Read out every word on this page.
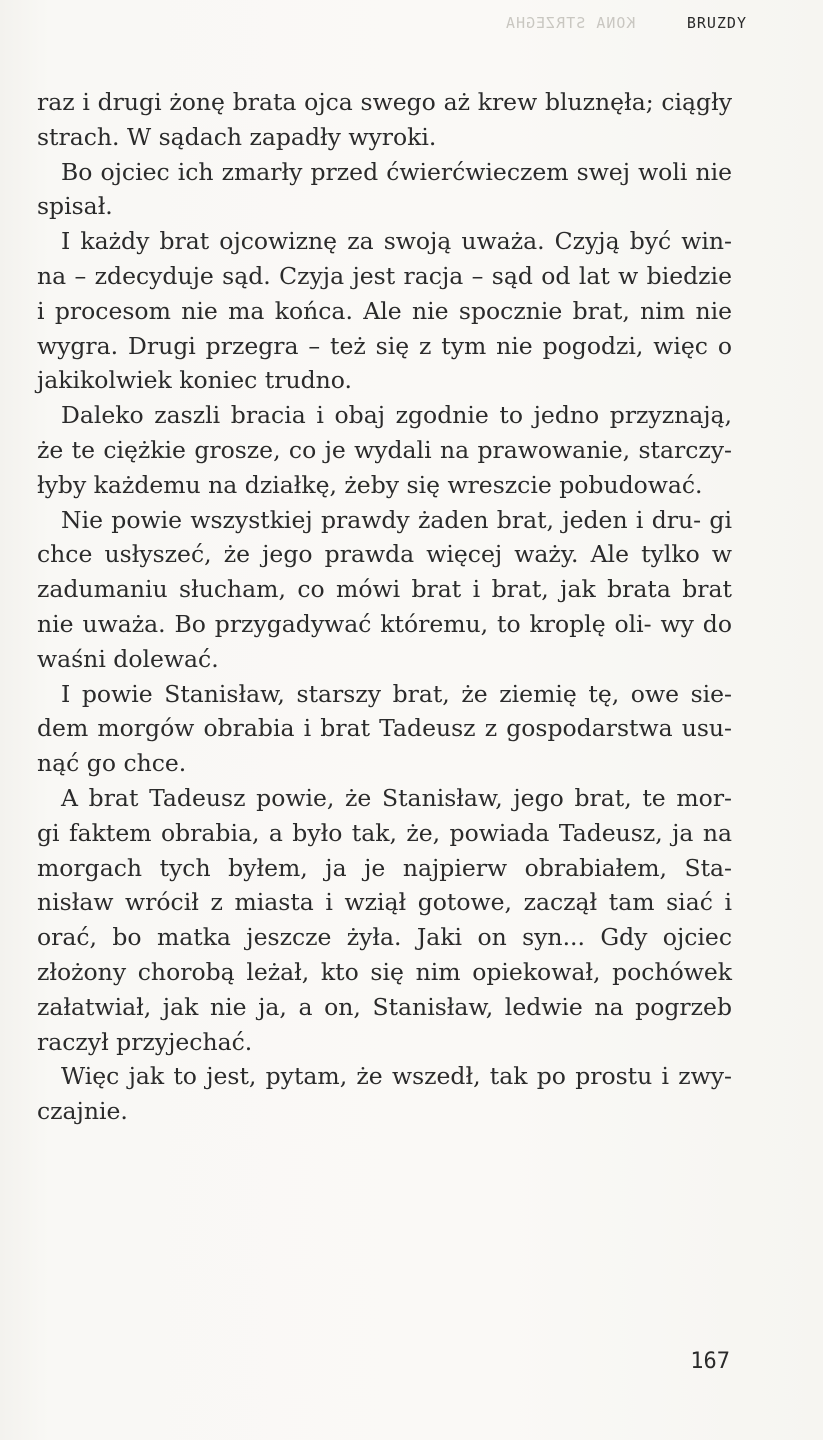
KONA STRZEGHA	BRUZDY

raz i drugi żonę brata ojca swego aż krew bluznęła; ciągły strach. W sądach zapadły wyroki.

Bo ojciec ich zmarły przed ćwierćwieczem swej woli nie spisał.

I każdy brat ojcowiznę za swoją uważa. Czyją być win- na – zdecyduje sąd. Czyja jest racja – sąd od lat w biedzie i procesom nie ma końca. Ale nie spocznie brat, nim nie wygra. Drugi przegra – też się z tym nie pogodzi, więc o jakikolwiek koniec trudno.

Daleko zaszli bracia i obaj zgodnie to jedno przyznają, że te ciężkie grosze, co je wydali na prawowanie, starczy- łyby każdemu na działkę, żeby się wreszcie pobudować.

Nie powie wszystkiej prawdy żaden brat, jeden i dru- gi chce usłyszeć, że jego prawda więcej waży. Ale tylko w zadumaniu słucham, co mówi brat i brat, jak brata brat nie uważa. Bo przygadywać któremu, to kroplę oli- wy do waśni dolewać.

I powie Stanisław, starszy brat, że ziemię tę, owe sie- dem morgów obrabia i brat Tadeusz z gospodarstwa usu- nąć go chce.

A brat Tadeusz powie, że Stanisław, jego brat, te mor- gi faktem obrabia, a było tak, że, powiada Tadeusz, ja na morgach tych byłem, ja je najpierw obrabiałem, Sta- nisław wrócił z miasta i wziął gotowe, zaczął tam siać i orać, bo matka jeszcze żyła. Jaki on syn... Gdy ojciec złożony chorobą leżał, kto się nim opiekował, pochówek załatwiał, jak nie ja, a on, Stanisław, ledwie na pogrzeb raczył przyjechać.

Więc jak to jest, pytam, że wszedł, tak po prostu i zwy- czajnie.

167
